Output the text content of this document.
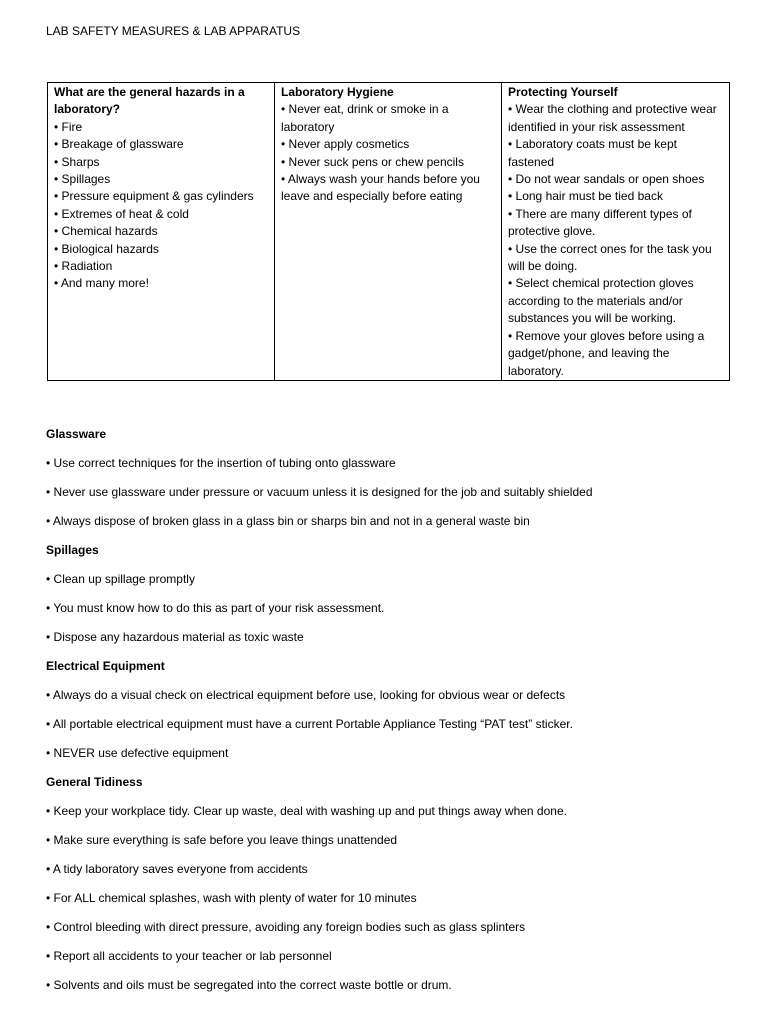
LAB SAFETY MEASURES & LAB APPARATUS
What are the general hazards in a laboratory?
• Fire
• Breakage of glassware
• Sharps
• Spillages
• Pressure equipment & gas cylinders
• Extremes of heat & cold
• Chemical hazards
• Biological hazards
• Radiation
• And many more!

Laboratory Hygiene
• Never eat, drink or smoke in a laboratory
• Never apply cosmetics
• Never suck pens or chew pencils
• Always wash your hands before you leave and especially before eating

Protecting Yourself
• Wear the clothing and protective wear identified in your risk assessment
• Laboratory coats must be kept fastened
• Do not wear sandals or open shoes
• Long hair must be tied back
• There are many different types of protective glove.
• Use the correct ones for the task you will be doing.
• Select chemical protection gloves according to the materials and/or substances you will be working.
• Remove your gloves before using a gadget/phone, and leaving the laboratory.
Glassware
• Use correct techniques for the insertion of tubing onto glassware
• Never use glassware under pressure or vacuum unless it is designed for the job and suitably shielded
• Always dispose of broken glass in a glass bin or sharps bin and not in a general waste bin
Spillages
• Clean up spillage promptly
• You must know how to do this as part of your risk assessment.
• Dispose any hazardous material as toxic waste
Electrical Equipment
• Always do a visual check on electrical equipment before use, looking for obvious wear or defects
• All portable electrical equipment must have a current Portable Appliance Testing “PAT test” sticker.
• NEVER use defective equipment
General Tidiness
• Keep your workplace tidy. Clear up waste, deal with washing up and put things away when done.
• Make sure everything is safe before you leave things unattended
• A tidy laboratory saves everyone from accidents
• For ALL chemical splashes, wash with plenty of water for 10 minutes
• Control bleeding with direct pressure, avoiding any foreign bodies such as glass splinters
• Report all accidents to your teacher or lab personnel
• Solvents and oils must be segregated into the correct waste bottle or drum.
